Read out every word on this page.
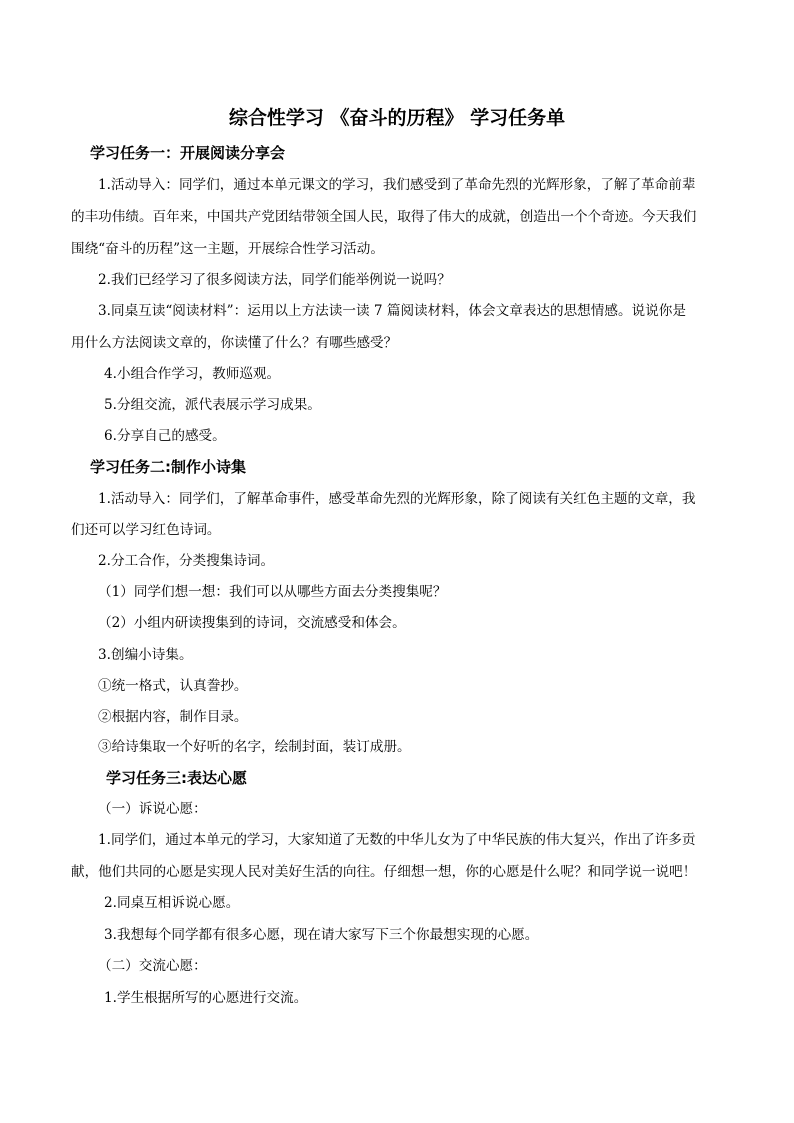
综合性学习 《奋斗的历程》 学习任务单
学习任务一：开展阅读分享会
1.活动导入：同学们，通过本单元课文的学习，我们感受到了革命先烈的光辉形象，了解了革命前辈
的丰功伟绩。百年来，中国共产党团结带领全国人民，取得了伟大的成就，创造出一个个奇迹。今天我们
围绕“奋斗的历程”这一主题，开展综合性学习活动。
2.我们已经学习了很多阅读方法，同学们能举例说一说吗？
3.同桌互读“阅读材料”：运用以上方法读一读 7 篇阅读材料，体会文章表达的思想情感。说说你是
用什么方法阅读文章的，你读懂了什么？有哪些感受？
4.小组合作学习，教师巡观。
5.分组交流，派代表展示学习成果。
6.分享自己的感受。
学习任务二:制作小诗集
1.活动导入：同学们，了解革命事件，感受革命先烈的光辉形象，除了阅读有关红色主题的文章，我
们还可以学习红色诗词。
2.分工合作，分类搜集诗词。
（1）同学们想一想：我们可以从哪些方面去分类搜集呢？
（2）小组内研读搜集到的诗词，交流感受和体会。
3.创编小诗集。
①统一格式，认真誊抄。
②根据内容，制作目录。
③给诗集取一个好听的名字，绘制封面，装订成册。
学习任务三:表达心愿
（一）诉说心愿：
1.同学们，通过本单元的学习，大家知道了无数的中华儿女为了中华民族的伟大复兴，作出了许多贡
献，他们共同的心愿是实现人民对美好生活的向往。仔细想一想，你的心愿是什么呢？和同学说一说吧！
2.同桌互相诉说心愿。
3.我想每个同学都有很多心愿，现在请大家写下三个你最想实现的心愿。
（二）交流心愿：
1.学生根据所写的心愿进行交流。
